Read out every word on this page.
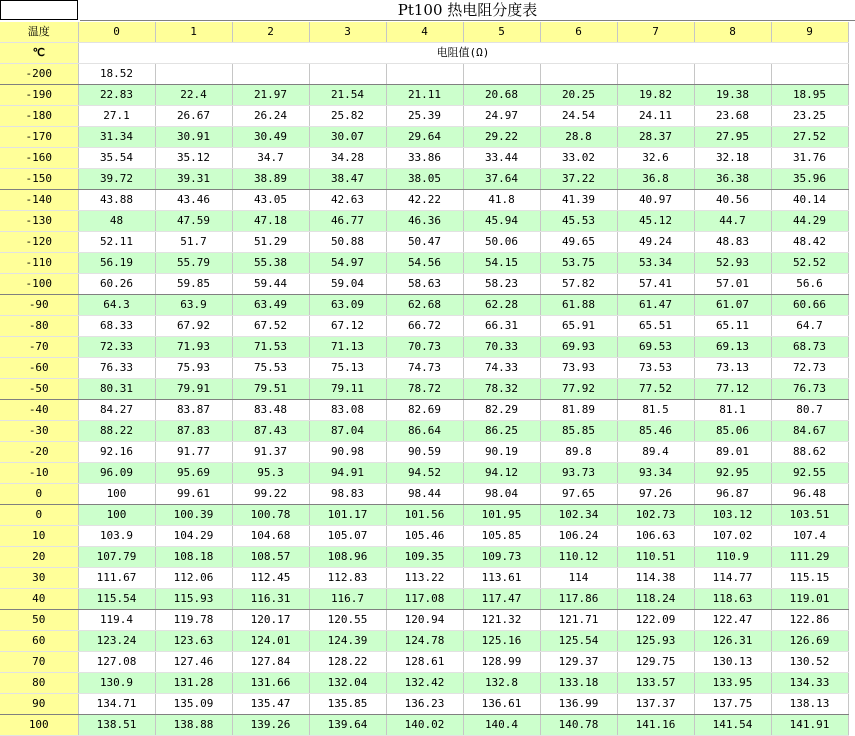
Pt100 热电阻分度表
温度	0	1	2	3	4	5	6	7	8	9
℃	电阻值(Ω)									
-200	18.52									
-190	22.83	22.4	21.97	21.54	21.11	20.68	20.25	19.82	19.38	18.95
-180	27.1	26.67	26.24	25.82	25.39	24.97	24.54	24.11	23.68	23.25
-170	31.34	30.91	30.49	30.07	29.64	29.22	28.8	28.37	27.95	27.52
-160	35.54	35.12	34.7	34.28	33.86	33.44	33.02	32.6	32.18	31.76
-150	39.72	39.31	38.89	38.47	38.05	37.64	37.22	36.8	36.38	35.96
-140	43.88	43.46	43.05	42.63	42.22	41.8	41.39	40.97	40.56	40.14
-130	48	47.59	47.18	46.77	46.36	45.94	45.53	45.12	44.7	44.29
-120	52.11	51.7	51.29	50.88	50.47	50.06	49.65	49.24	48.83	48.42
-110	56.19	55.79	55.38	54.97	54.56	54.15	53.75	53.34	52.93	52.52
-100	60.26	59.85	59.44	59.04	58.63	58.23	57.82	57.41	57.01	56.6
-90	64.3	63.9	63.49	63.09	62.68	62.28	61.88	61.47	61.07	60.66
-80	68.33	67.92	67.52	67.12	66.72	66.31	65.91	65.51	65.11	64.7
-70	72.33	71.93	71.53	71.13	70.73	70.33	69.93	69.53	69.13	68.73
-60	76.33	75.93	75.53	75.13	74.73	74.33	73.93	73.53	73.13	72.73
-50	80.31	79.91	79.51	79.11	78.72	78.32	77.92	77.52	77.12	76.73
-40	84.27	83.87	83.48	83.08	82.69	82.29	81.89	81.5	81.1	80.7
-30	88.22	87.83	87.43	87.04	86.64	86.25	85.85	85.46	85.06	84.67
-20	92.16	91.77	91.37	90.98	90.59	90.19	89.8	89.4	89.01	88.62
-10	96.09	95.69	95.3	94.91	94.52	94.12	93.73	93.34	92.95	92.55
0	100	99.61	99.22	98.83	98.44	98.04	97.65	97.26	96.87	96.48
0	100	100.39	100.78	101.17	101.56	101.95	102.34	102.73	103.12	103.51
10	103.9	104.29	104.68	105.07	105.46	105.85	106.24	106.63	107.02	107.4
20	107.79	108.18	108.57	108.96	109.35	109.73	110.12	110.51	110.9	111.29
30	111.67	112.06	112.45	112.83	113.22	113.61	114	114.38	114.77	115.15
40	115.54	115.93	116.31	116.7	117.08	117.47	117.86	118.24	118.63	119.01
50	119.4	119.78	120.17	120.55	120.94	121.32	121.71	122.09	122.47	122.86
60	123.24	123.63	124.01	124.39	124.78	125.16	125.54	125.93	126.31	126.69
70	127.08	127.46	127.84	128.22	128.61	128.99	129.37	129.75	130.13	130.52
80	130.9	131.28	131.66	132.04	132.42	132.8	133.18	133.57	133.95	134.33
90	134.71	135.09	135.47	135.85	136.23	136.61	136.99	137.37	137.75	138.13
100	138.51	138.88	139.26	139.64	140.02	140.4	140.78	141.16	141.54	141.91
